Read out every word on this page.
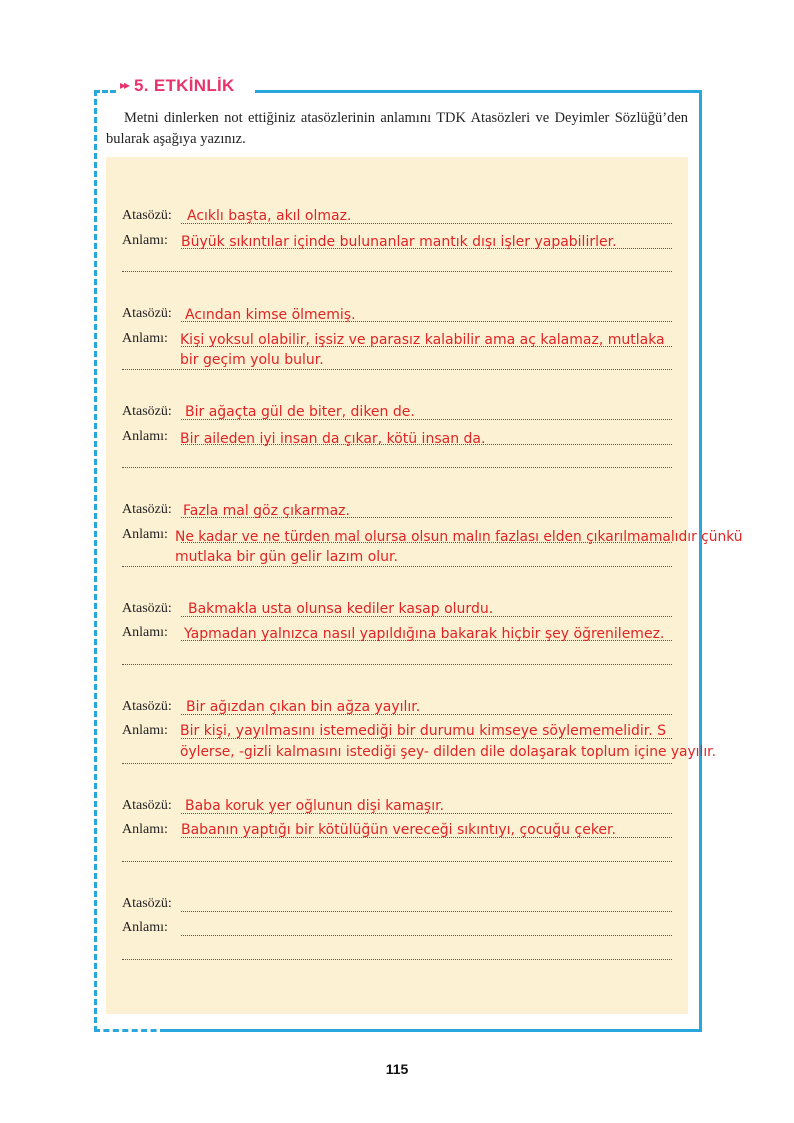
▸▸ 5. ETKİNLİK
Metni dinlerken not ettiğiniz atasözlerinin anlamını TDK Atasözleri ve Deyimler Sözlüğü’den bularak aşağıya yazınız.
Atasözü:
Anlamı:
Acıklı başta, akıl olmaz.
Büyük sıkıntılar içinde bulunanlar mantık dışı işler yapabilirler.
Atasözü:
Anlamı:
Acından kimse ölmemiş.
Kişi yoksul olabilir, işsiz ve parasız kalabilir ama aç kalamaz, mutlaka
bir geçim yolu bulur.
Atasözü:
Anlamı:
Bir ağaçta gül de biter, diken de.
Bir aileden iyi insan da çıkar, kötü insan da.
Atasözü:
Anlamı:
Fazla mal göz çıkarmaz.
Ne kadar ve ne türden mal olursa olsun malın fazlası elden çıkarılmamalıdır çünkü
mutlaka bir gün gelir lazım olur.
Atasözü:
Anlamı:
Bakmakla usta olunsa kediler kasap olurdu.
Yapmadan yalnızca nasıl yapıldığına bakarak hiçbir şey öğrenilemez.
Atasözü:
Anlamı:
Bir ağızdan çıkan bin ağza yayılır.
Bir kişi, yayılmasını istemediği bir durumu kimseye söylememelidir. S
öylerse, -gizli kalmasını istediği şey- dilden dile dolaşarak toplum içine yayılır.
Atasözü:
Anlamı:
Baba koruk yer oğlunun dişi kamaşır.
Babanın yaptığı bir kötülüğün vereceği sıkıntıyı, çocuğu çeker.
Atasözü:
Anlamı:
115
